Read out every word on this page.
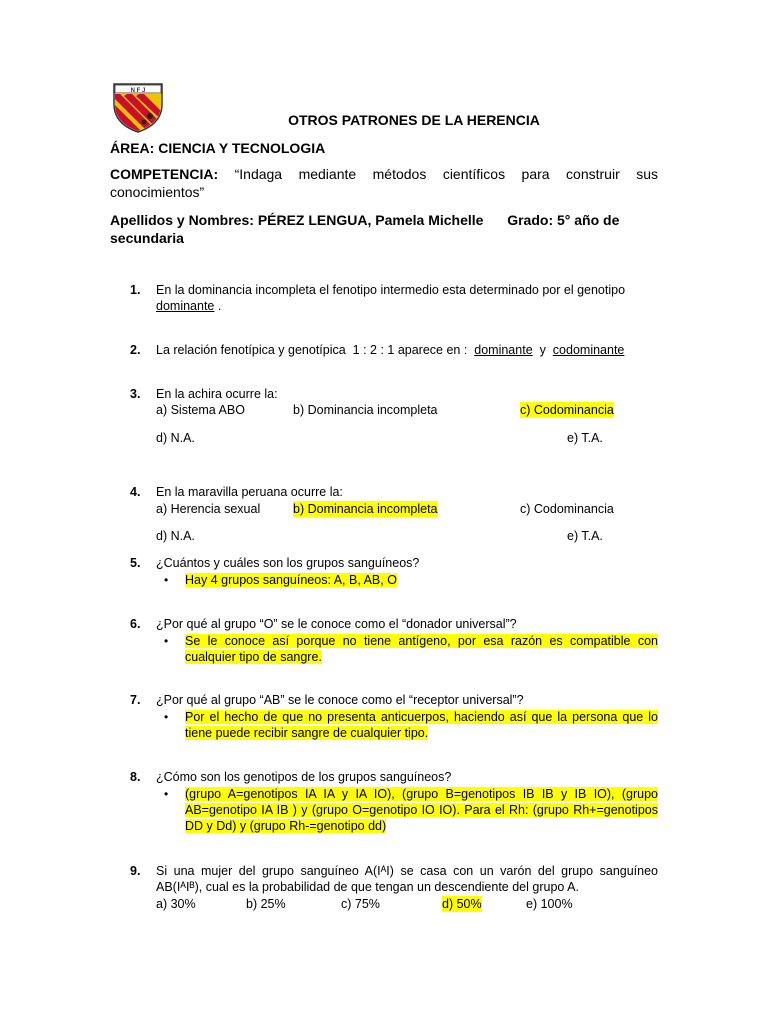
N F J
OTROS PATRONES DE LA HERENCIA
ÁREA: CIENCIA Y TECNOLOGIA
COMPETENCIA: “Indaga mediante métodos científicos para construir sus conocimientos”
Apellidos y Nombres: PÉREZ LENGUA, Pamela Michelle Grado: 5° año de secundaria
1.	En la dominancia incompleta el fenotipo intermedio esta determinado por el genotipo
dominante .
2.	La relación fenotípica y genotípica  1 : 2 : 1 aparece en :  dominante  y  codominante
3.	En la achira ocurre la:
a) Sistema ABO	b) Dominancia incompleta	c) Codominancia
d) N.A.	e) T.A.
4.	En la maravilla peruana ocurre la:
a) Herencia sexual	b) Dominancia incompleta	c) Codominancia
d) N.A.	e) T.A.
5.	¿Cuántos y cuáles son los grupos sanguíneos?
• Hay 4 grupos sanguíneos: A, B, AB, O
6.	¿Por qué al grupo “O” se le conoce como el “donador universal”?
• Se le conoce así porque no tiene antígeno, por esa razón es compatible con
cualquier tipo de sangre.
7.	¿Por qué al grupo “AB” se le conoce como el “receptor universal”?
• Por el hecho de que no presenta anticuerpos, haciendo así que la persona que lo
tiene puede recibir sangre de cualquier tipo.
8.	¿Cómo son los genotipos de los grupos sanguíneos?
• (grupo A=genotipos IA IA y IA IO), (grupo B=genotipos IB IB y IB IO), (grupo
AB=genotipo IA IB ) y (grupo O=genotipo IO IO). Para el Rh: (grupo Rh+=genotipos
DD y Dd) y (grupo Rh-=genotipo dd)
9.	Si una mujer del grupo sanguíneo A(IᴬI) se casa con un varón del grupo sanguíneo
AB(IᴬIᴮ), cual es la probabilidad de que tengan un descendiente del grupo A.
a) 30%	b) 25%	c) 75%	d) 50%	e) 100%
